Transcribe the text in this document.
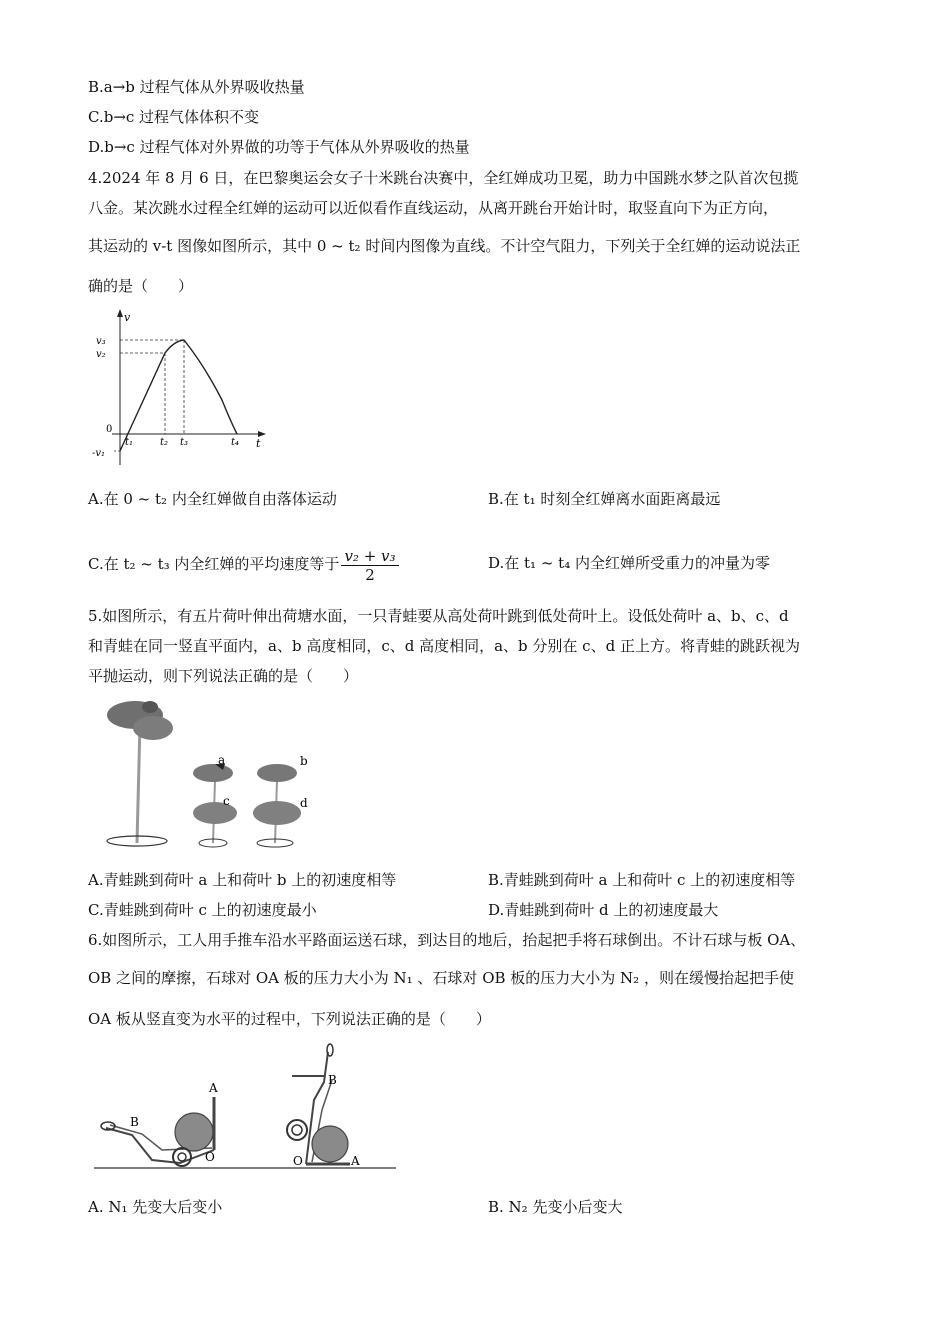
B.a→b 过程气体从外界吸收热量
C.b→c 过程气体体积不变
D.b→c 过程气体对外界做的功等于气体从外界吸收的热量
4.2024 年 8 月 6 日，在巴黎奥运会女子十米跳台决赛中，全红婵成功卫冕，助力中国跳水梦之队首次包揽
八金。某次跳水过程全红婵的运动可以近似看作直线运动，从离开跳台开始计时，取竖直向下为正方向，
其运动的 v-t 图像如图所示，其中 0 ~ t₂ 时间内图像为直线。不计空气阻力，下列关于全红婵的运动说法正
确的是（　　）
v
t
v₃
v₂
0
-v₁
t₁	t₂ t₃	t₄
A.在 0 ~ t₂ 内全红婵做自由落体运动	B.在 t₁ 时刻全红婵离水面距离最远
C.在 t₂ ~ t₃ 内全红婵的平均速度等于 $\frac{\text{v₂ + v₃}}{2}$	D.在 t₁ ~ t₄ 内全红婵所受重力的冲量为零
5.如图所示，有五片荷叶伸出荷塘水面，一只青蛙要从高处荷叶跳到低处荷叶上。设低处荷叶 a、b、c、d
和青蛙在同一竖直平面内，a、b 高度相同，c、d 高度相同，a、b 分别在 c、d 正上方。将青蛙的跳跃视为
平抛运动，则下列说法正确的是（　　）
a
c
b
d
A.青蛙跳到荷叶 a 上和荷叶 b 上的初速度相等	B.青蛙跳到荷叶 a 上和荷叶 c 上的初速度相等
C.青蛙跳到荷叶 c 上的初速度最小	D.青蛙跳到荷叶 d 上的初速度最大
6.如图所示，工人用手推车沿水平路面运送石球，到达目的地后，抬起把手将石球倒出。不计石球与板 OA、
OB 之间的摩擦，石球对 OA 板的压力大小为 N₁ 、石球对 OB 板的压力大小为 N₂ ，则在缓慢抬起把手使
OA 板从竖直变为水平的过程中，下列说法正确的是（　　）
A
B
O
B
O	A
A. N₁ 先变大后变小	B. N₂ 先变小后变大
